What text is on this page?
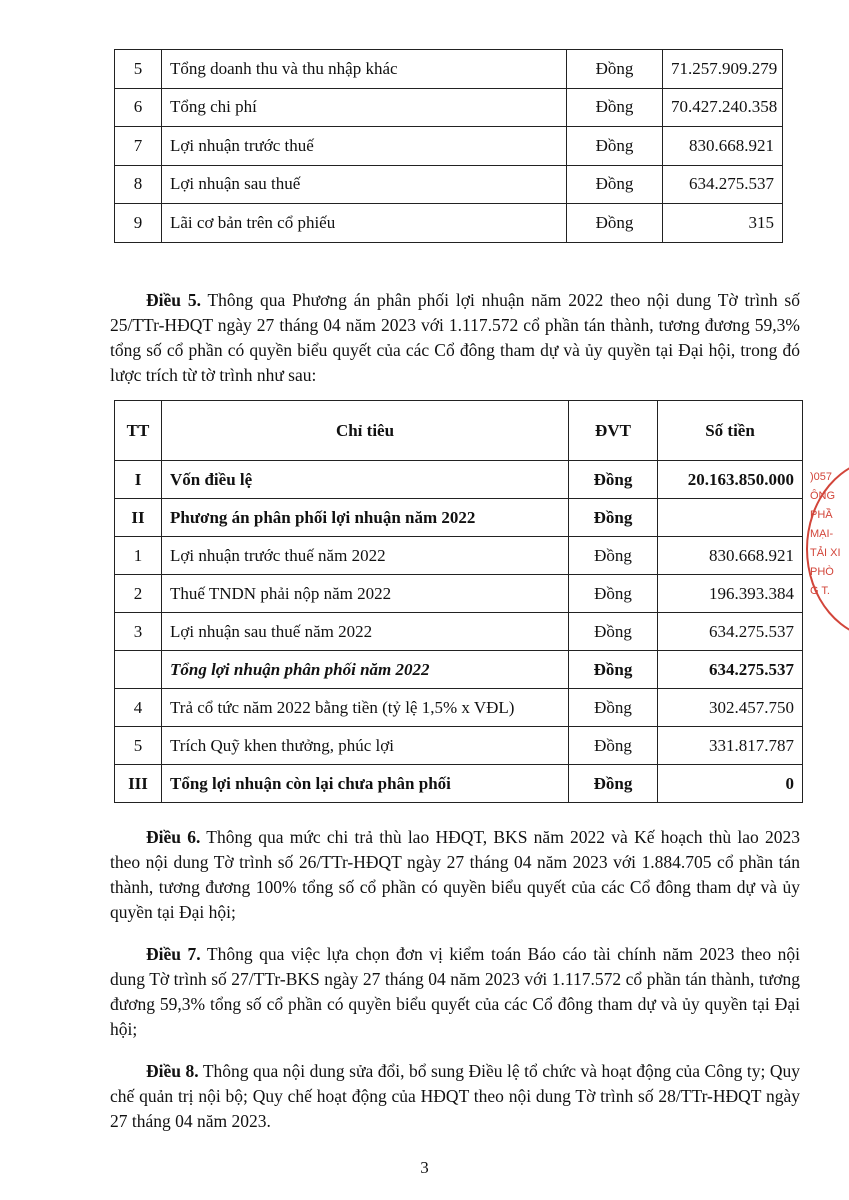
5	Tổng doanh thu và thu nhập khác	Đồng	71.257.909.279
6	Tổng chi phí	Đồng	70.427.240.358
7	Lợi nhuận trước thuế	Đồng	830.668.921
8	Lợi nhuận sau thuế	Đồng	634.275.537
9	Lãi cơ bản trên cổ phiếu	Đồng	315

Điều 5. Thông qua Phương án phân phối lợi nhuận năm 2022 theo nội dung Tờ trình số 25/TTr-HĐQT ngày 27 tháng 04 năm 2023 với 1.117.572 cổ phần tán thành, tương đương 59,3% tổng số cổ phần có quyền biểu quyết của các Cổ đông tham dự và ủy quyền tại Đại hội, trong đó lược trích từ tờ trình như sau:

TT	Chỉ tiêu	ĐVT	Số tiền
I	Vốn điều lệ	Đồng	20.163.850.000
II	Phương án phân phối lợi nhuận năm 2022	Đồng	
1	Lợi nhuận trước thuế năm 2022	Đồng	830.668.921
2	Thuế TNDN phải nộp năm 2022	Đồng	196.393.384
3	Lợi nhuận sau thuế năm 2022	Đồng	634.275.537
	Tổng lợi nhuận phân phối năm 2022	Đồng	634.275.537
4	Trả cổ tức năm 2022 bằng tiền (tỷ lệ 1,5% x VĐL)	Đồng	302.457.750
5	Trích Quỹ khen thưởng, phúc lợi	Đồng	331.817.787
III	Tổng lợi nhuận còn lại chưa phân phối	Đồng	0

Điều 6. Thông qua mức chi trả thù lao HĐQT, BKS năm 2022 và Kế hoạch thù lao 2023 theo nội dung Tờ trình số 26/TTr-HĐQT ngày 27 tháng 04 năm 2023 với 1.884.705 cổ phần tán thành, tương đương 100% tổng số cổ phần có quyền biểu quyết của các Cổ đông tham dự và ủy quyền tại Đại hội;

Điều 7. Thông qua việc lựa chọn đơn vị kiểm toán Báo cáo tài chính năm 2023 theo nội dung Tờ trình số 27/TTr-BKS ngày 27 tháng 04 năm 2023 với 1.117.572 cổ phần tán thành, tương đương 59,3% tổng số cổ phần có quyền biểu quyết của các Cổ đông tham dự và ủy quyền tại Đại hội;

Điều 8. Thông qua nội dung sửa đổi, bổ sung Điều lệ tổ chức và hoạt động của Công ty; Quy chế quản trị nội bộ; Quy chế hoạt động của HĐQT theo nội dung Tờ trình số 28/TTr-HĐQT ngày 27 tháng 04 năm 2023.

)057
ÔNG
PHẦ
MẠI-
TẢI XI
PHÒ
G T.
3
